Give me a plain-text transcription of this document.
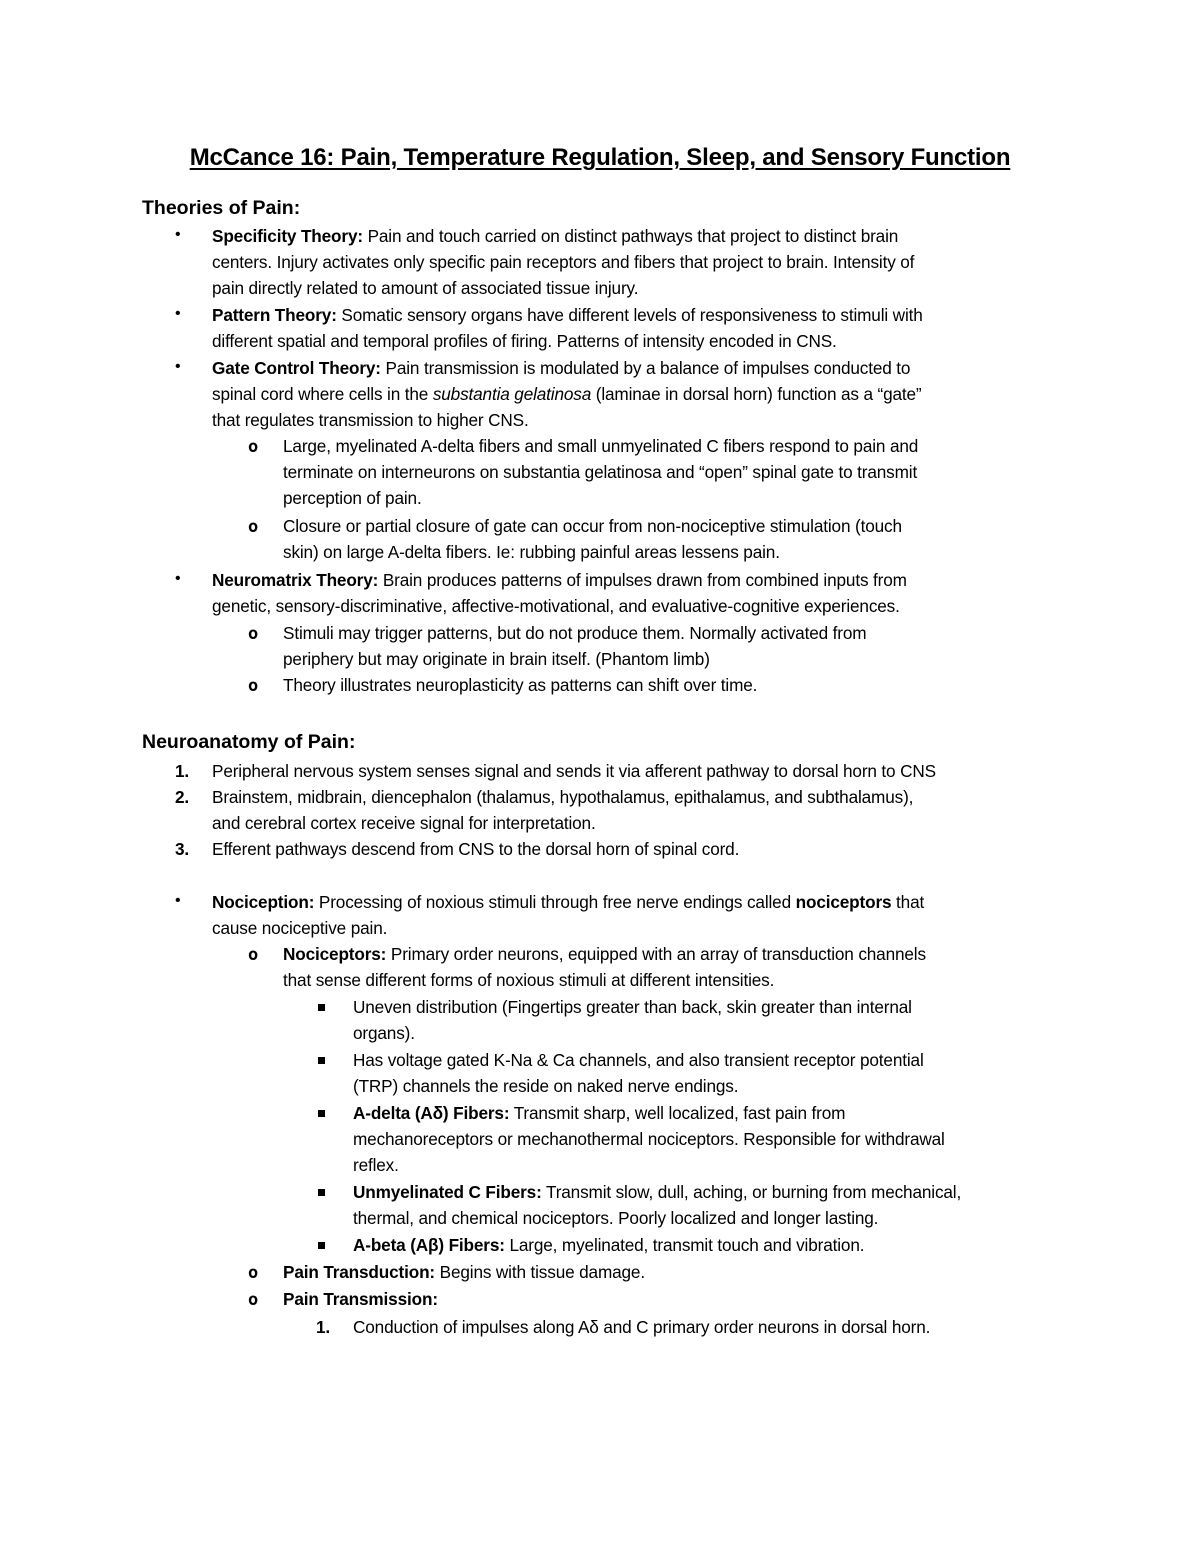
McCance 16: Pain, Temperature Regulation, Sleep, and Sensory Function
Theories of Pain:
• Specificity Theory: Pain and touch carried on distinct pathways that project to distinct brain
centers. Injury activates only specific pain receptors and fibers that project to brain. Intensity of
pain directly related to amount of associated tissue injury.
• Pattern Theory: Somatic sensory organs have different levels of responsiveness to stimuli with
different spatial and temporal profiles of firing. Patterns of intensity encoded in CNS.
• Gate Control Theory: Pain transmission is modulated by a balance of impulses conducted to
spinal cord where cells in the substantia gelatinosa (laminae in dorsal horn) function as a “gate”
that regulates transmission to higher CNS.
o Large, myelinated A-delta fibers and small unmyelinated C fibers respond to pain and
terminate on interneurons on substantia gelatinosa and “open” spinal gate to transmit
perception of pain.
o Closure or partial closure of gate can occur from non-nociceptive stimulation (touch
skin) on large A-delta fibers. Ie: rubbing painful areas lessens pain.
• Neuromatrix Theory: Brain produces patterns of impulses drawn from combined inputs from
genetic, sensory-discriminative, affective-motivational, and evaluative-cognitive experiences.
o Stimuli may trigger patterns, but do not produce them. Normally activated from
periphery but may originate in brain itself. (Phantom limb)
o Theory illustrates neuroplasticity as patterns can shift over time.
Neuroanatomy of Pain:
1. Peripheral nervous system senses signal and sends it via afferent pathway to dorsal horn to CNS
2. Brainstem, midbrain, diencephalon (thalamus, hypothalamus, epithalamus, and subthalamus),
and cerebral cortex receive signal for interpretation.
3. Efferent pathways descend from CNS to the dorsal horn of spinal cord.
• Nociception: Processing of noxious stimuli through free nerve endings called nociceptors that
cause nociceptive pain.
o Nociceptors: Primary order neurons, equipped with an array of transduction channels
that sense different forms of noxious stimuli at different intensities.
Uneven distribution (Fingertips greater than back, skin greater than internal
organs).
Has voltage gated K-Na & Ca channels, and also transient receptor potential
(TRP) channels the reside on naked nerve endings.
A-delta (Aδ) Fibers: Transmit sharp, well localized, fast pain from
mechanoreceptors or mechanothermal nociceptors. Responsible for withdrawal
reflex.
Unmyelinated C Fibers: Transmit slow, dull, aching, or burning from mechanical,
thermal, and chemical nociceptors. Poorly localized and longer lasting.
A-beta (Aβ) Fibers: Large, myelinated, transmit touch and vibration.
o Pain Transduction: Begins with tissue damage.
o Pain Transmission:
1. Conduction of impulses along Aδ and C primary order neurons in dorsal horn.
